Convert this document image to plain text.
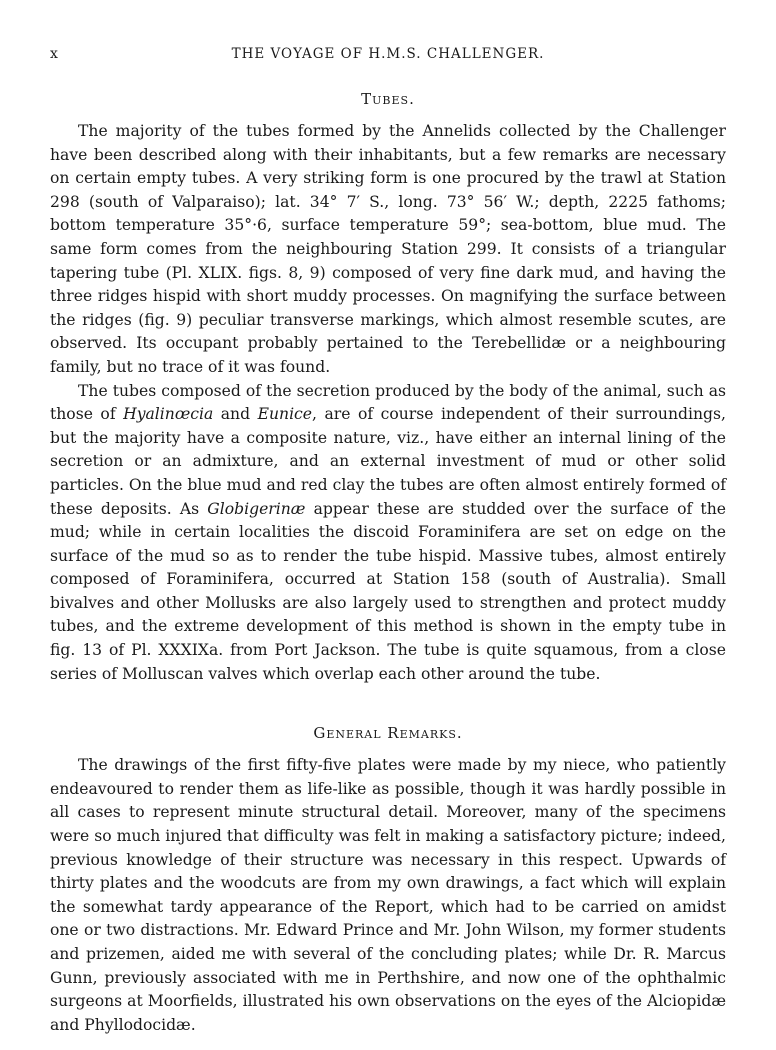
x	THE VOYAGE OF H.M.S. CHALLENGER.
Tubes.

The majority of the tubes formed by the Annelids collected by the Challenger have been described along with their inhabitants, but a few remarks are necessary on certain empty tubes. A very striking form is one procured by the trawl at Station 298 (south of Valparaiso); lat. 34° 7′ S., long. 73° 56′ W.; depth, 2225 fathoms; bottom temperature 35°·6, surface temperature 59°; sea-bottom, blue mud. The same form comes from the neighbouring Station 299. It consists of a triangular tapering tube (Pl. XLIX. figs. 8, 9) composed of very fine dark mud, and having the three ridges hispid with short muddy processes. On magnifying the surface between the ridges (fig. 9) peculiar transverse markings, which almost resemble scutes, are observed. Its occupant probably pertained to the Terebellidæ or a neighbouring family, but no trace of it was found.

The tubes composed of the secretion produced by the body of the animal, such as those of Hyalinœcia and Eunice, are of course independent of their surroundings, but the majority have a composite nature, viz., have either an internal lining of the secretion or an admixture, and an external investment of mud or other solid particles. On the blue mud and red clay the tubes are often almost entirely formed of these deposits. As Globigerinæ appear these are studded over the surface of the mud; while in certain localities the discoid Foraminifera are set on edge on the surface of the mud so as to render the tube hispid. Massive tubes, almost entirely composed of Foraminifera, occurred at Station 158 (south of Australia). Small bivalves and other Mollusks are also largely used to strengthen and protect muddy tubes, and the extreme development of this method is shown in the empty tube in fig. 13 of Pl. XXXIXa. from Port Jackson. The tube is quite squamous, from a close series of Molluscan valves which overlap each other around the tube.

General Remarks.

The drawings of the first fifty-five plates were made by my niece, who patiently endeavoured to render them as life-like as possible, though it was hardly possible in all cases to represent minute structural detail. Moreover, many of the specimens were so much injured that difficulty was felt in making a satisfactory picture; indeed, previous knowledge of their structure was necessary in this respect. Upwards of thirty plates and the woodcuts are from my own drawings, a fact which will explain the somewhat tardy appearance of the Report, which had to be carried on amidst one or two distractions. Mr. Edward Prince and Mr. John Wilson, my former students and prizemen, aided me with several of the concluding plates; while Dr. R. Marcus Gunn, previously associated with me in Perthshire, and now one of the ophthalmic surgeons at Moorfields, illustrated his own observations on the eyes of the Alciopidæ and Phyllodocidæ.
